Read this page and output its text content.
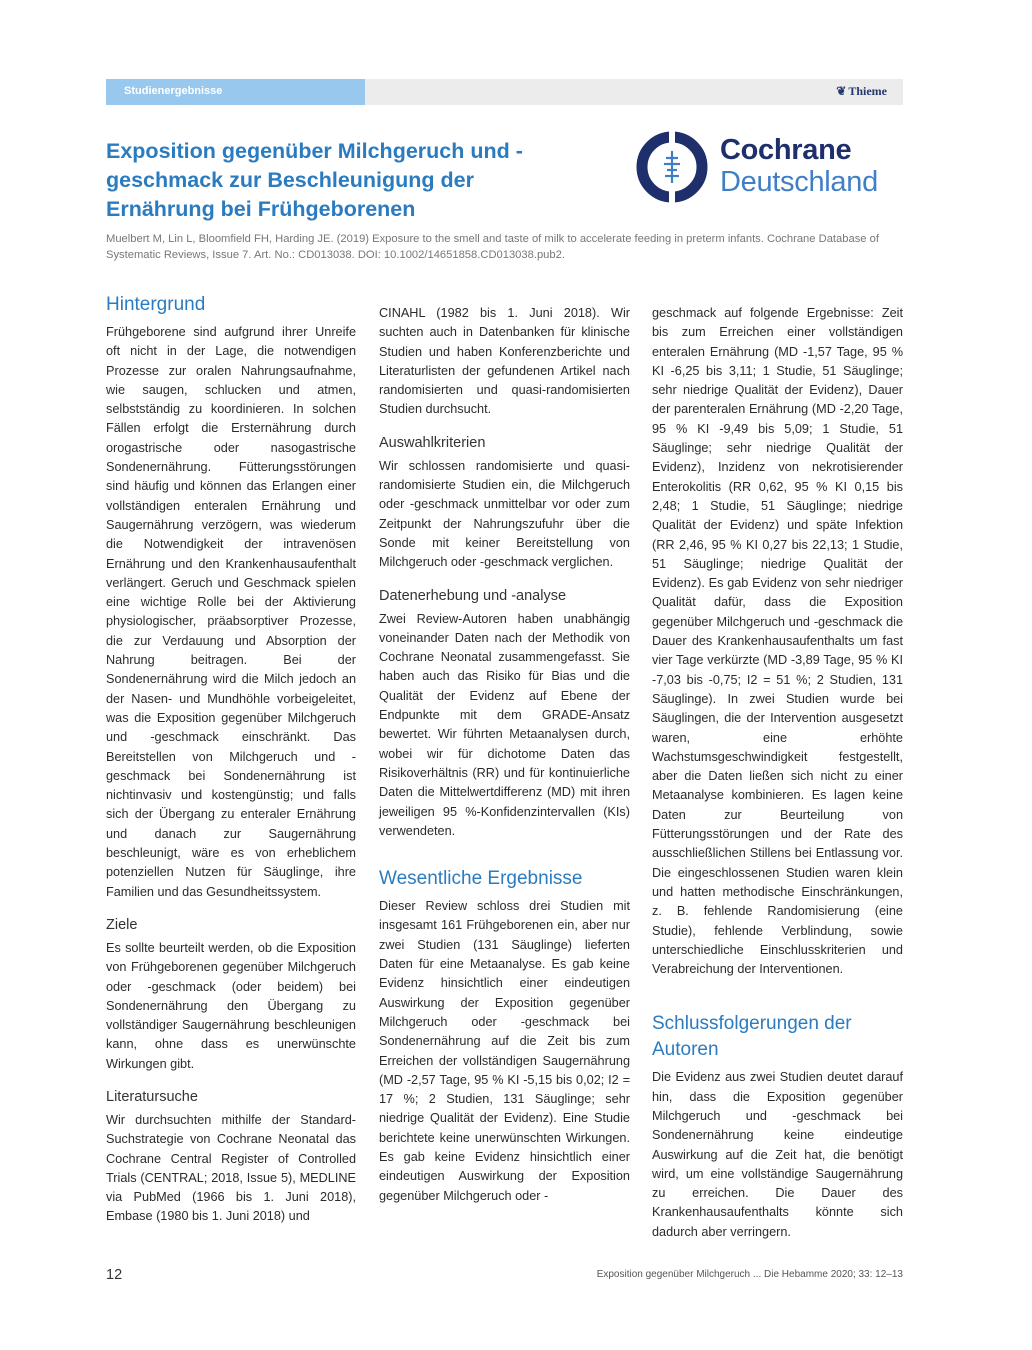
Studienergebnisse	❦ Thieme
Exposition gegenüber Milchgeruch und -geschmack zur Beschleunigung der Ernährung bei Frühgeborenen
Cochrane
Deutschland

Muelbert M, Lin L, Bloomfield FH, Harding JE. (2019) Exposure to the smell and taste of milk to accelerate feeding in preterm infants. Cochrane Database of Systematic Reviews, Issue 7. Art. No.: CD013038. DOI: 10.1002/14651858.CD013038.pub2.

Hintergrund

Frühgeborene sind aufgrund ihrer Unreife oft nicht in der Lage, die notwendigen Prozesse zur oralen Nahrungsaufnahme, wie saugen, schlucken und atmen, selbstständig zu koordinieren. In solchen Fällen erfolgt die Ersternährung durch orogastrische oder nasogastrische Sondenernährung. Fütterungsstörungen sind häufig und können das Erlangen einer vollständigen enteralen Ernährung und Saugernährung verzögern, was wiederum die Notwendigkeit der intravenösen Ernährung und den Krankenhausaufenthalt verlängert. Geruch und Geschmack spielen eine wichtige Rolle bei der Aktivierung physiologischer, präabsorptiver Prozesse, die zur Verdauung und Absorption der Nahrung beitragen. Bei der Sondenernährung wird die Milch jedoch an der Nasen- und Mundhöhle vorbeigeleitet, was die Exposition gegenüber Milchgeruch und -geschmack einschränkt. Das Bereitstellen von Milchgeruch und -geschmack bei Sondenernährung ist nichtinvasiv und kostengünstig; und falls sich der Übergang zu enteraler Ernährung und danach zur Saugernährung beschleunigt, wäre es von erheblichem potenziellen Nutzen für Säuglinge, ihre Familien und das Gesundheitssystem.

Ziele

Es sollte beurteilt werden, ob die Exposition von Frühgeborenen gegenüber Milchgeruch oder -geschmack (oder beidem) bei Sondenernährung den Übergang zu vollständiger Saugernährung beschleunigen kann, ohne dass es unerwünschte Wirkungen gibt.

Literatursuche

Wir durchsuchten mithilfe der Standard-Suchstrategie von Cochrane Neonatal das Cochrane Central Register of Controlled Trials (CENTRAL; 2018, Issue 5), MEDLINE via PubMed (1966 bis 1. Juni 2018), Embase (1980 bis 1. Juni 2018) und

CINAHL (1982 bis 1. Juni 2018). Wir suchten auch in Datenbanken für klinische Studien und haben Konferenzberichte und Literaturlisten der gefundenen Artikel nach randomisierten und quasi-randomisierten Studien durchsucht.

Auswahlkriterien

Wir schlossen randomisierte und quasi-randomisierte Studien ein, die Milchgeruch oder -geschmack unmittelbar vor oder zum Zeitpunkt der Nahrungszufuhr über die Sonde mit keiner Bereitstellung von Milchgeruch oder -geschmack verglichen.

Datenerhebung und -analyse

Zwei Review-Autoren haben unabhängig voneinander Daten nach der Methodik von Cochrane Neonatal zusammengefasst. Sie haben auch das Risiko für Bias und die Qualität der Evidenz auf Ebene der Endpunkte mit dem GRADE-Ansatz bewertet. Wir führten Metaanalysen durch, wobei wir für dichotome Daten das Risikoverhältnis (RR) und für kontinuierliche Daten die Mittelwertdifferenz (MD) mit ihren jeweiligen 95 %-Konfidenzintervallen (KIs) verwendeten.

Wesentliche Ergebnisse

Dieser Review schloss drei Studien mit insgesamt 161 Frühgeborenen ein, aber nur zwei Studien (131 Säuglinge) lieferten Daten für eine Metaanalyse. Es gab keine Evidenz hinsichtlich einer eindeutigen Auswirkung der Exposition gegenüber Milchgeruch oder -geschmack bei Sondenernährung auf die Zeit bis zum Erreichen der vollständigen Saugernährung (MD -2,57 Tage, 95 % KI -5,15 bis 0,02; I2 = 17 %; 2 Studien, 131 Säuglinge; sehr niedrige Qualität der Evidenz). Eine Studie berichtete keine unerwünschten Wirkungen. Es gab keine Evidenz hinsichtlich einer eindeutigen Auswirkung der Exposition gegenüber Milchgeruch oder -

geschmack auf folgende Ergebnisse: Zeit bis zum Erreichen einer vollständigen enteralen Ernährung (MD -1,57 Tage, 95 % KI -6,25 bis 3,11; 1 Studie, 51 Säuglinge; sehr niedrige Qualität der Evidenz), Dauer der parenteralen Ernährung (MD -2,20 Tage, 95 % KI -9,49 bis 5,09; 1 Studie, 51 Säuglinge; sehr niedrige Qualität der Evidenz), Inzidenz von nekrotisierender Enterokolitis (RR 0,62, 95 % KI 0,15 bis 2,48; 1 Studie, 51 Säuglinge; niedrige Qualität der Evidenz) und späte Infektion (RR 2,46, 95 % KI 0,27 bis 22,13; 1 Studie, 51 Säuglinge; niedrige Qualität der Evidenz). Es gab Evidenz von sehr niedriger Qualität dafür, dass die Exposition gegenüber Milchgeruch und -geschmack die Dauer des Krankenhausaufenthalts um fast vier Tage verkürzte (MD -3,89 Tage, 95 % KI -7,03 bis -0,75; I2 = 51 %; 2 Studien, 131 Säuglinge). In zwei Studien wurde bei Säuglingen, die der Intervention ausgesetzt waren, eine erhöhte Wachstumsgeschwindigkeit festgestellt, aber die Daten ließen sich nicht zu einer Metaanalyse kombinieren. Es lagen keine Daten zur Beurteilung von Fütterungsstörungen und der Rate des ausschließlichen Stillens bei Entlassung vor. Die eingeschlossenen Studien waren klein und hatten methodische Einschränkungen, z. B. fehlende Randomisierung (eine Studie), fehlende Verblindung, sowie unterschiedliche Einschlusskriterien und Verabreichung der Interventionen.

Schlussfolgerungen der Autoren

Die Evidenz aus zwei Studien deutet darauf hin, dass die Exposition gegenüber Milchgeruch und -geschmack bei Sondenernährung keine eindeutige Auswirkung auf die Zeit hat, die benötigt wird, um eine vollständige Saugernährung zu erreichen. Die Dauer des Krankenhausaufenthalts könnte sich dadurch aber verringern.

12	Exposition gegenüber Milchgeruch ... Die Hebamme 2020; 33: 12–13
